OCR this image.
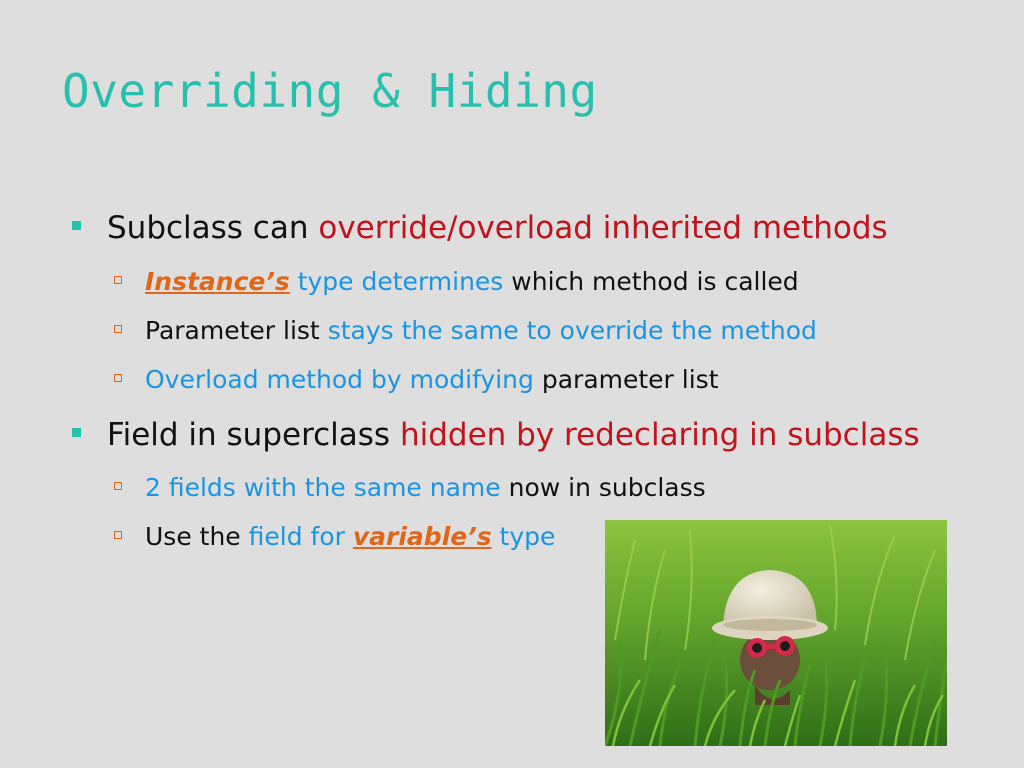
Overriding & Hiding
Subclass can override/overload inherited methods
Instance’s type determines which method is called
Parameter list stays the same to override the method
Overload method by modifying parameter list
Field in superclass hidden by redeclaring in subclass
2 fields with the same name now in subclass
Use the field for variable’s type
